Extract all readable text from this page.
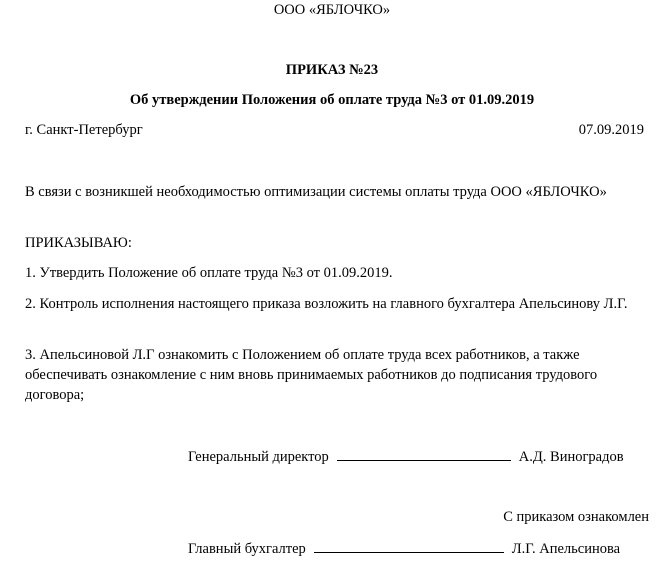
ООО «ЯБЛОЧКО»
ПРИКАЗ №23
Об утверждении Положения об оплате труда №3 от 01.09.2019
г. Санкт-Петербург	07.09.2019
В связи с возникшей необходимостью оптимизации системы оплаты труда ООО «ЯБЛОЧКО»
ПРИКАЗЫВАЮ:
1. Утвердить Положение об оплате труда №3 от 01.09.2019.
2. Контроль исполнения настоящего приказа возложить на главного бухгалтера Апельсинову Л.Г.
3. Апельсиновой Л.Г ознакомить с Положением об оплате труда всех работников, а также обеспечивать ознакомление с ним вновь принимаемых работников до подписания трудового договора;
Генеральный директор	А.Д. Виноградов
С приказом ознакомлен
Главный бухгалтер	Л.Г. Апельсинова
